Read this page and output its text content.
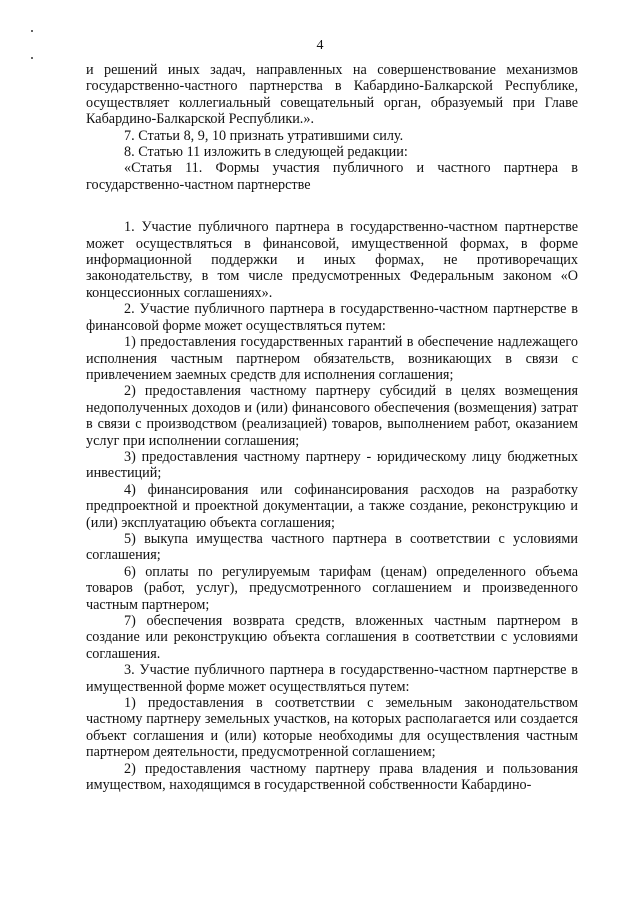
4

и решений иных задач, направленных на совершенствование механизмов государственно-частного партнерства в Кабардино-Балкарской Республике, осуществляет коллегиальный совещательный орган, образуемый при Главе Кабардино-Балкарской Республики.».

7. Статьи 8, 9, 10 признать утратившими силу.

8. Статью 11 изложить в следующей редакции:

«Статья 11. Формы участия публичного и частного партнера в государственно-частном партнерстве

1. Участие публичного партнера в государственно-частном партнерстве может осуществляться в финансовой, имущественной формах, в форме информационной поддержки и иных формах, не противоречащих законодательству, в том числе предусмотренных Федеральным законом «О концессионных соглашениях».

2. Участие публичного партнера в государственно-частном партнерстве в финансовой форме может осуществляться путем:

1) предоставления государственных гарантий в обеспечение надлежащего исполнения частным партнером обязательств, возникающих в связи с привлечением заемных средств для исполнения соглашения;

2) предоставления частному партнеру субсидий в целях возмещения недополученных доходов и (или) финансового обеспечения (возмещения) затрат в связи с производством (реализацией) товаров, выполнением работ, оказанием услуг при исполнении соглашения;

3) предоставления частному партнеру - юридическому лицу бюджетных инвестиций;

4) финансирования или софинансирования расходов на разработку предпроектной и проектной документации, а также создание, реконструкцию и (или) эксплуатацию объекта соглашения;

5) выкупа имущества частного партнера в соответствии с условиями соглашения;

6) оплаты по регулируемым тарифам (ценам) определенного объема товаров (работ, услуг), предусмотренного соглашением и произведенного частным партнером;

7) обеспечения возврата средств, вложенных частным партнером в создание или реконструкцию объекта соглашения в соответствии с условиями соглашения.

3. Участие публичного партнера в государственно-частном партнерстве в имущественной форме может осуществляться путем:

1) предоставления в соответствии с земельным законодательством частному партнеру земельных участков, на которых располагается или создается объект соглашения и (или) которые необходимы для осуществления частным партнером деятельности, предусмотренной соглашением;

2) предоставления частному партнеру права владения и пользования имуществом, находящимся в государственной собственности Кабардино-
